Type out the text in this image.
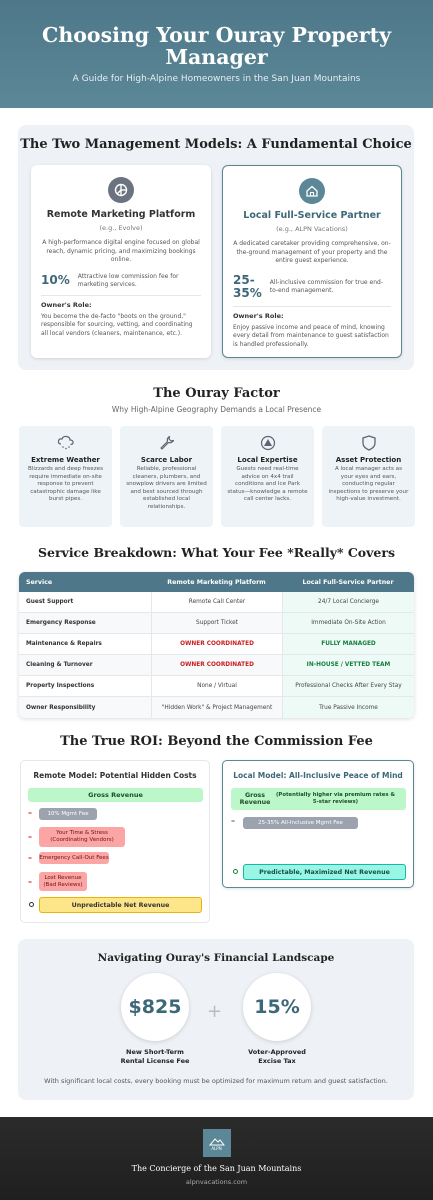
Choosing Your Ouray Property Manager
A Guide for High-Alpine Homeowners in the San Juan Mountains
The Two Management Models: A Fundamental Choice
Remote Marketing Platform
(e.g., Evolve)
A high-performance digital engine focused on global reach, dynamic pricing, and maximizing bookings online.
10% Attractive low commission fee for marketing services.
Owner's Role:
You become the de-facto "boots on the ground," responsible for sourcing, vetting, and coordinating all local vendors (cleaners, maintenance, etc.).
Local Full-Service Partner
(e.g., ALPN Vacations)
A dedicated caretaker providing comprehensive, on-the-ground management of your property and the entire guest experience.
25-35%
All-inclusive commission for true end-to-end management.
Owner's Role:
Enjoy passive income and peace of mind, knowing every detail from maintenance to guest satisfaction is handled professionally.
The Ouray Factor
Why High-Alpine Geography Demands a Local Presence
Extreme Weather

Blizzards and deep freezes require immediate on-site response to prevent catastrophic damage like burst pipes.

Scarce Labor

Reliable, professional cleaners, plumbers, and snowplow drivers are limited and best sourced through established local relationships.

Local Expertise

Guests need real-time advice on 4x4 trail conditions and Ice Park status—knowledge a remote call center lacks.

Asset Protection

A local manager acts as your eyes and ears, conducting regular inspections to preserve your high-value investment.

Service Breakdown: What Your Fee *Really* Covers
Service	Remote Marketing Platform	Local Full-Service Partner
Guest Support	Remote Call Center	24/7 Local Concierge
Emergency Response	Support Ticket	Immediate On-Site Action
Maintenance & Repairs	OWNER COORDINATED	FULLY MANAGED
Cleaning & Turnover	OWNER COORDINATED	IN-HOUSE / VETTED TEAM
Property Inspections	None / Virtual	Professional Checks After Every Stay
Owner Responsibility	"Hidden Work" & Project Management	True Passive Income
The True ROI: Beyond the Commission Fee
Remote Model: Potential Hidden Costs
Gross Revenue
–	10% Mgmt Fee
–	Your Time & Stress (Coordinating Vendors)
– Emergency Call-Out Fees
–	Lost Revenue (Bad Reviews)
Unpredictable Net Revenue
Local Model: All-Inclusive Peace of Mind
Gross Revenue
(Potentially higher via premium rates & 5-star reviews)
–	25-35% All-Inclusive Mgmt Fee
Predictable, Maximized Net Revenue
Navigating Ouray's Financial Landscape
$825	+	15%
New Short-Term Rental License Fee
Voter-Approved Excise Tax
With significant local costs, every booking must be optimized for maximum return and guest satisfaction.
ALPN
The Concierge of the San Juan Mountains
alpnvacations.com
